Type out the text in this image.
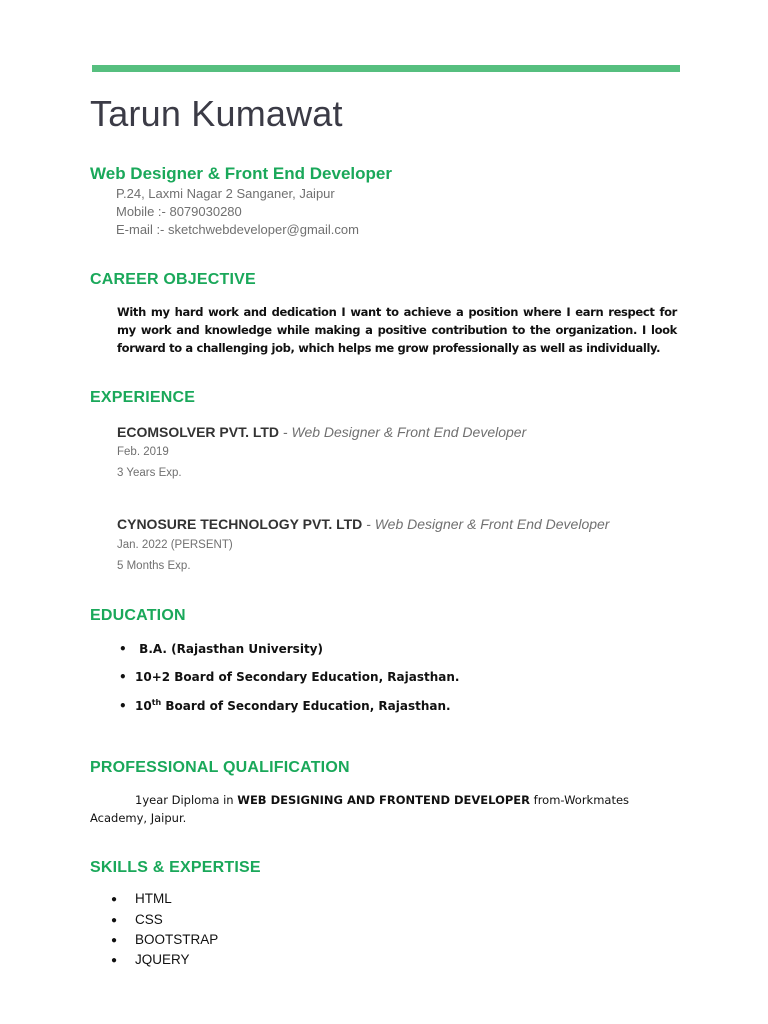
Tarun Kumawat
Web Designer & Front End Developer
P.24, Laxmi Nagar 2 Sanganer, Jaipur
Mobile :- 8079030280
E-mail :- sketchwebdeveloper@gmail.com
CAREER OBJECTIVE
With my hard work and dedication I want to achieve a position where I earn respect for my work and knowledge while making a positive contribution to the organization. I look forward to a challenging job, which helps me grow professionally as well as individually.
EXPERIENCE
ECOMSOLVER PVT. LTD - Web Designer & Front End Developer
Feb. 2019
3 Years Exp.
CYNOSURE TECHNOLOGY PVT. LTD - Web Designer & Front End Developer
Jan. 2022 (PERSENT)
5 Months Exp.
EDUCATION
• B.A. (Rajasthan University)
• 10+2 Board of Secondary Education, Rajasthan.
• 10th Board of Secondary Education, Rajasthan.
PROFESSIONAL QUALIFICATION
1year Diploma in WEB DESIGNING AND FRONTEND DEVELOPER from-Workmates Academy, Jaipur.
SKILLS & EXPERTISE
● HTML
● CSS
● BOOTSTRAP
● JQUERY
